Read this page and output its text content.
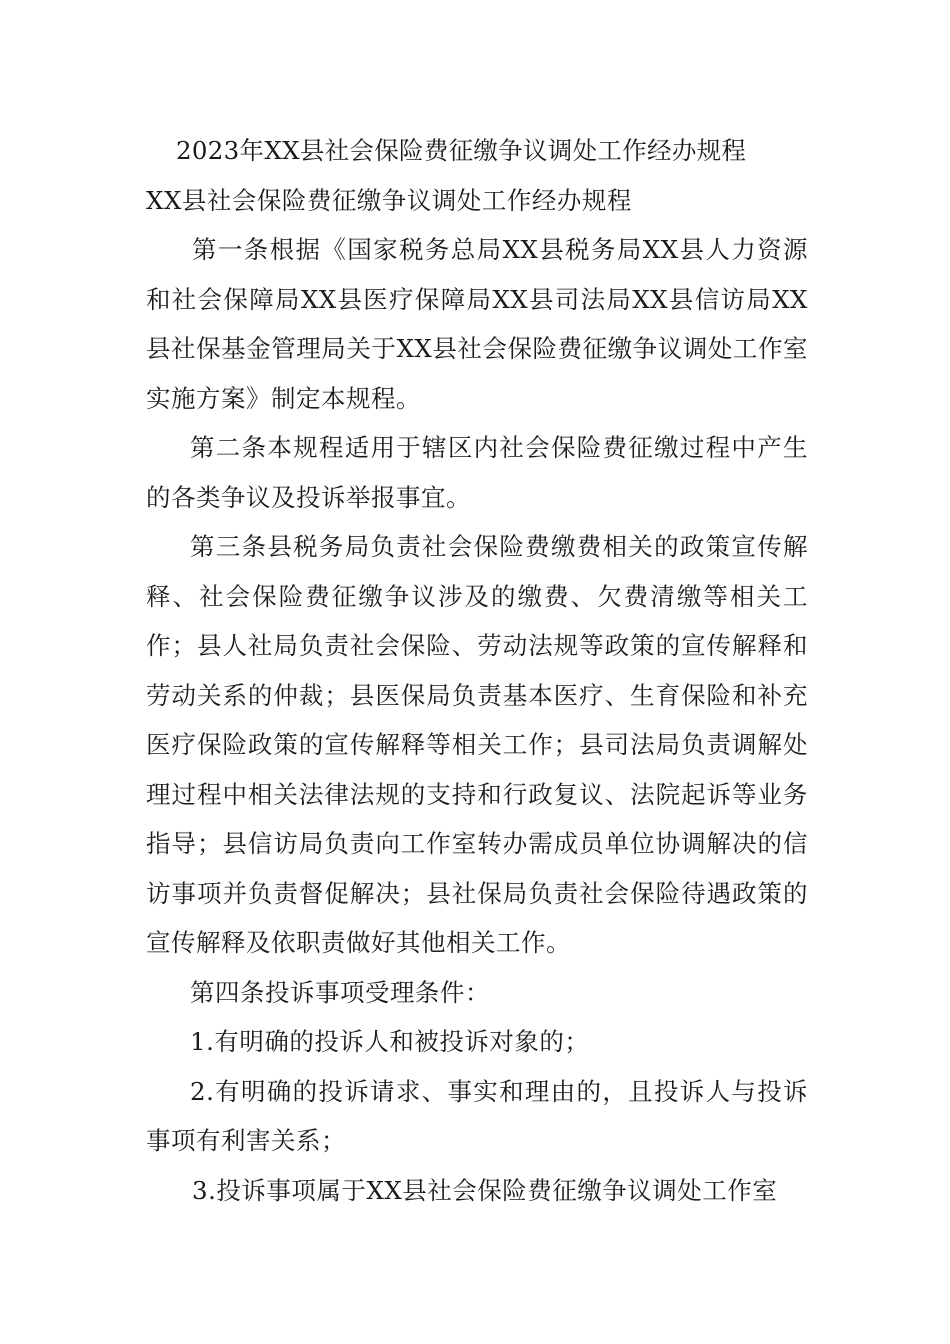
2023年XX县社会保险费征缴争议调处工作经办规程

XX县社会保险费征缴争议调处工作经办规程

第一条根据《国家税务总局XX县税务局XX县人力资源和社会保障局XX县医疗保障局XX县司法局XX县信访局XX县社保基金管理局关于XX县社会保险费征缴争议调处工作室实施方案》制定本规程。

第二条本规程适用于辖区内社会保险费征缴过程中产生的各类争议及投诉举报事宜。

第三条县税务局负责社会保险费缴费相关的政策宣传解释、社会保险费征缴争议涉及的缴费、欠费清缴等相关工作；县人社局负责社会保险、劳动法规等政策的宣传解释和劳动关系的仲裁；县医保局负责基本医疗、生育保险和补充医疗保险政策的宣传解释等相关工作；县司法局负责调解处理过程中相关法律法规的支持和行政复议、法院起诉等业务指导；县信访局负责向工作室转办需成员单位协调解决的信访事项并负责督促解决；县社保局负责社会保险待遇政策的宣传解释及依职责做好其他相关工作。

第四条投诉事项受理条件：

1.有明确的投诉人和被投诉对象的；

2.有明确的投诉请求、事实和理由的，且投诉人与投诉事项有利害关系；

3.投诉事项属于XX县社会保险费征缴争议调处工作室
